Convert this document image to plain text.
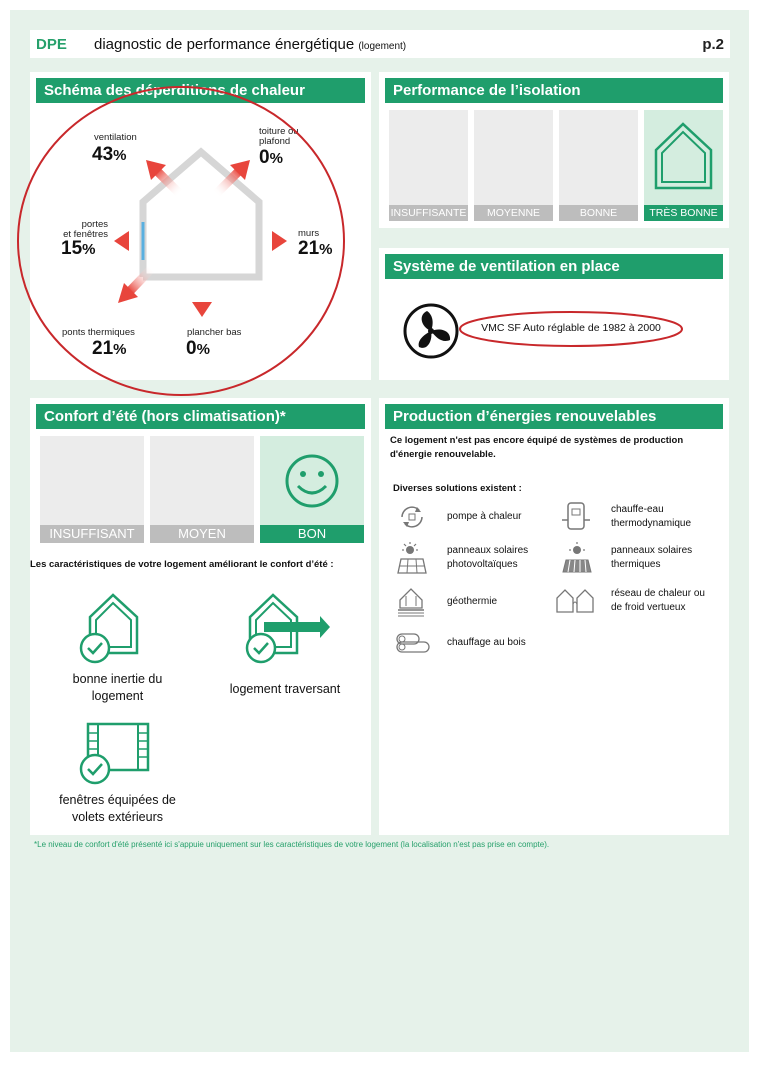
DPE	diagnostic de performance énergétique (logement)	p.2
Schéma des déperditions de chaleur
ventilation
43%
toiture ou
plafond
0%
portes
et fenêtres
15%
murs
21%
ponts thermiques
21%
plancher bas
0%
Performance de l’isolation
INSUFFISANTE	MOYENNE	BONNE	TRÈS BONNE
Système de ventilation en place
VMC SF Auto réglable de 1982 à 2000
Confort d’été (hors climatisation)*
INSUFFISANT	MOYEN	BON
Les caractéristiques de votre logement améliorant le confort d’été :
bonne inertie du
logement	logement traversant
fenêtres équipées de
volets extérieurs
Production d’énergies renouvelables
Ce logement n'est pas encore équipé de systèmes de production d'énergie renouvelable.
Diverses solutions existent :
pompe à chaleur
chauffe-eau
thermodynamique
panneaux solaires
photovoltaïques
panneaux solaires
thermiques
géothermie
réseau de chaleur ou
de froid vertueux
chauffage au bois
*Le niveau de confort d'été présenté ici s'appuie uniquement sur les caractéristiques de votre logement (la localisation n'est pas prise en compte).
